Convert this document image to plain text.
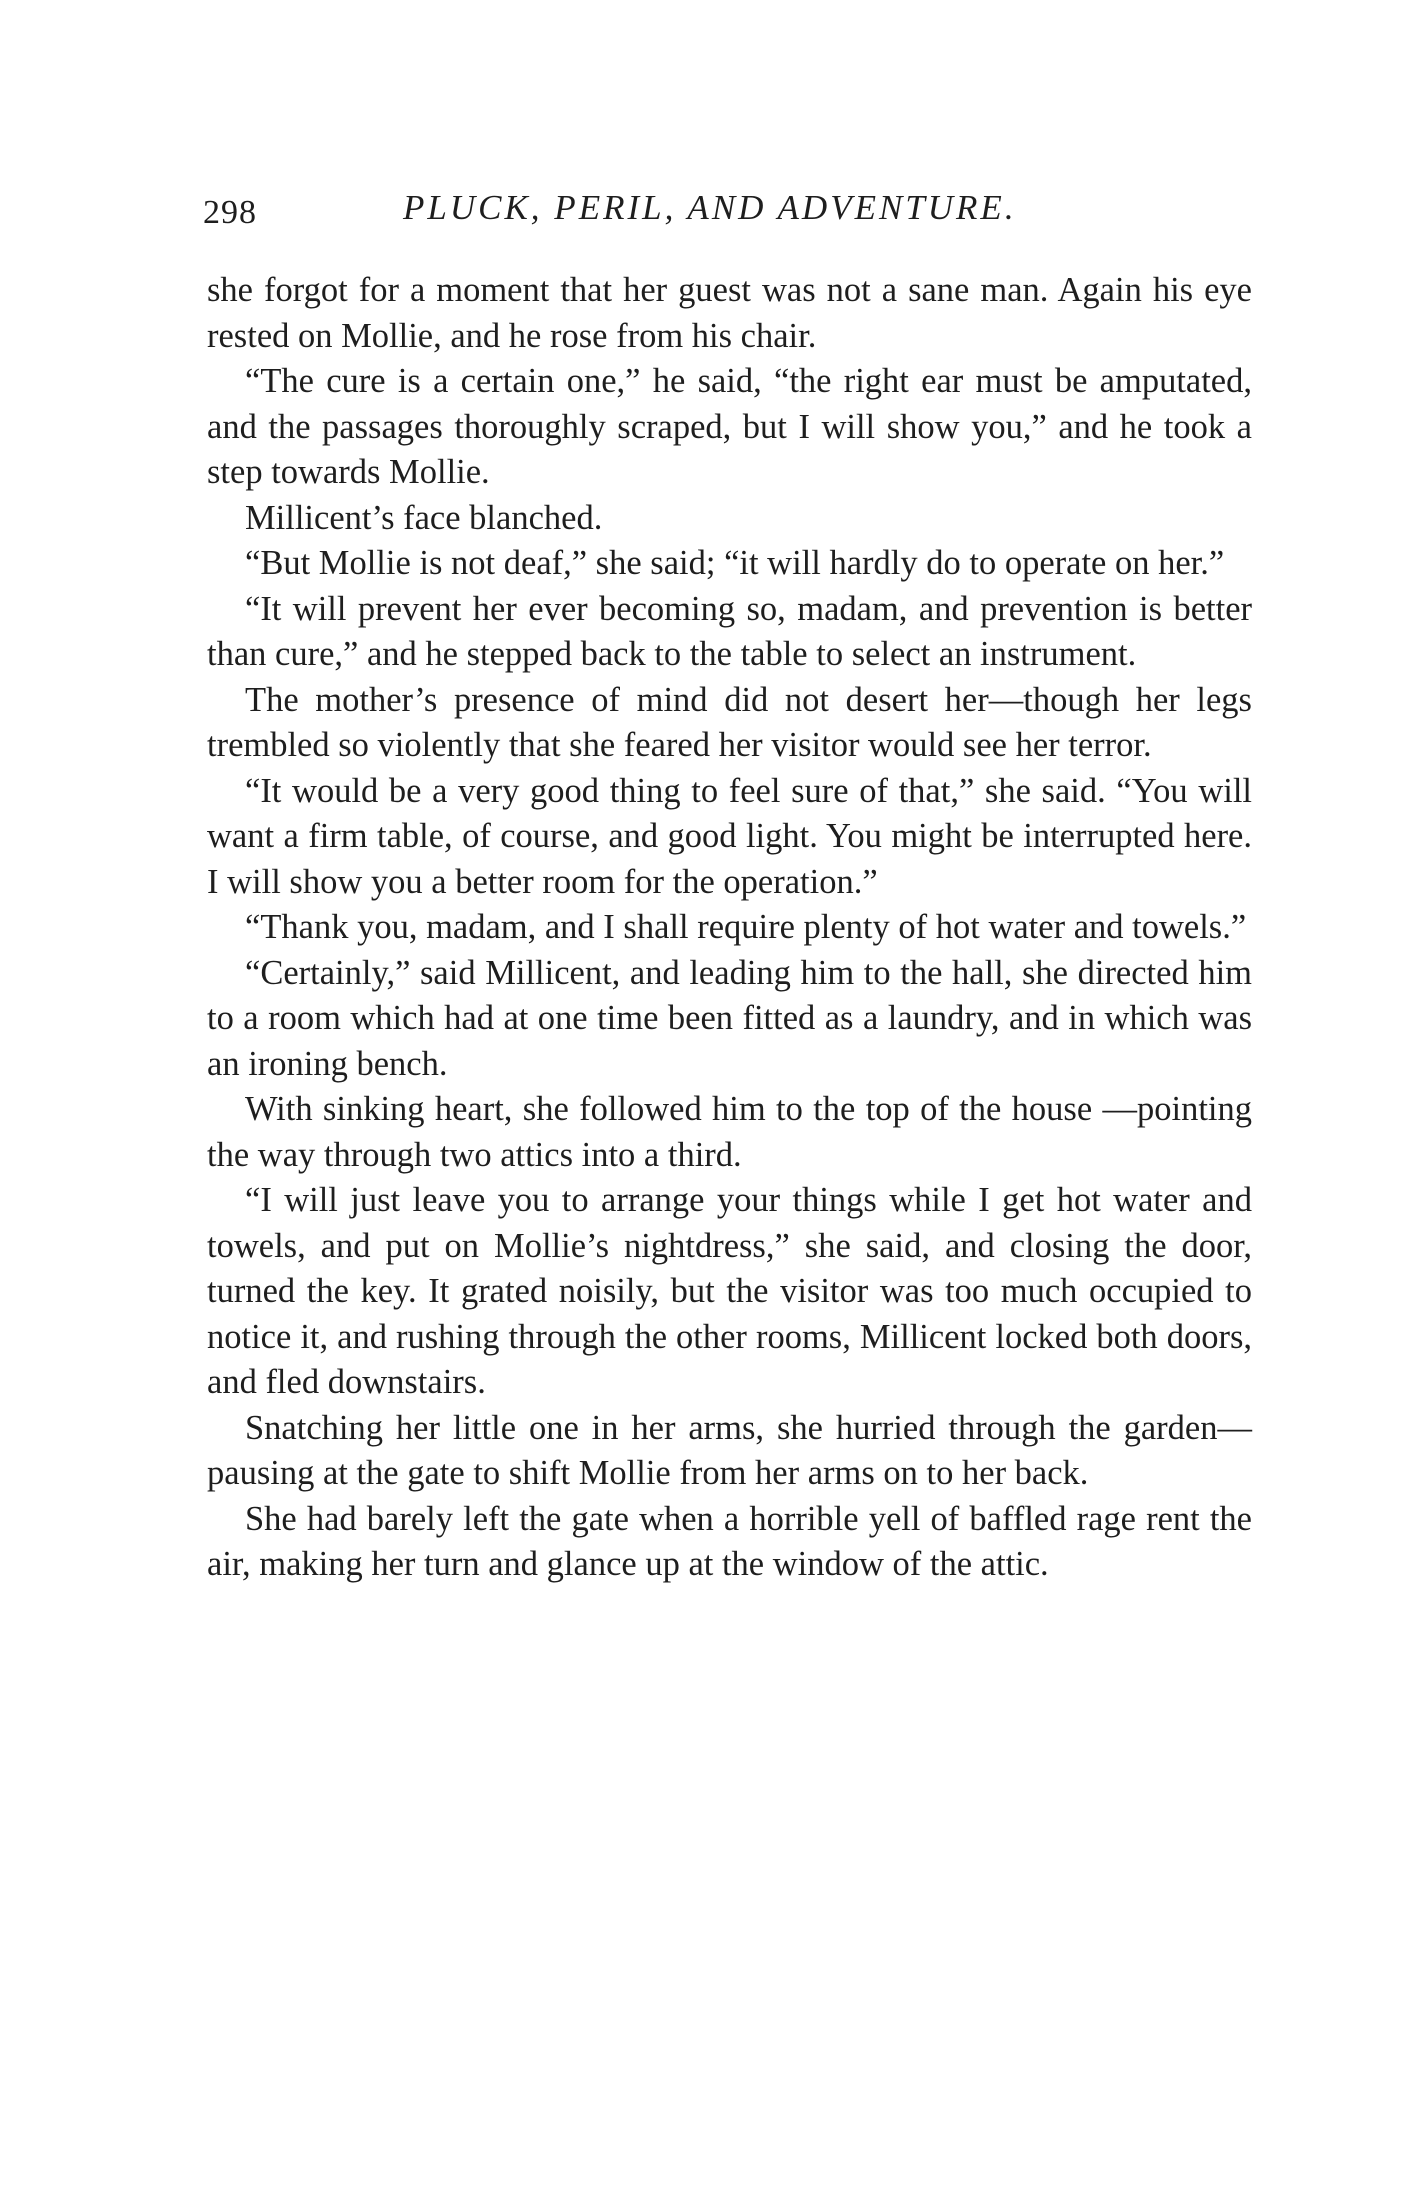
298	PLUCK, PERIL, AND ADVENTURE.

she forgot for a moment that her guest was not a sane man. Again his eye rested on Mollie, and he rose from his chair.

“The cure is a certain one,” he said, “the right ear must be amputated, and the passages thoroughly scraped, but I will show you,” and he took a step towards Mollie.

Millicent’s face blanched.

“But Mollie is not deaf,” she said; “it will hardly do to operate on her.”

“It will prevent her ever becoming so, madam, and prevention is better than cure,” and he stepped back to the table to select an instrument.

The mother’s presence of mind did not desert her—though her legs trembled so violently that she feared her visitor would see her terror.

“It would be a very good thing to feel sure of that,” she said. “You will want a firm table, of course, and good light. You might be interrupted here. I will show you a better room for the operation.”

“Thank you, madam, and I shall require plenty of hot water and towels.”

“Certainly,” said Millicent, and leading him to the hall, she directed him to a room which had at one time been fitted as a laundry, and in which was an ironing bench.

With sinking heart, she followed him to the top of the house —pointing the way through two attics into a third.

“I will just leave you to arrange your things while I get hot water and towels, and put on Mollie’s nightdress,” she said, and closing the door, turned the key. It grated noisily, but the visitor was too much occupied to notice it, and rushing through the other rooms, Millicent locked both doors, and fled downstairs.

Snatching her little one in her arms, she hurried through the garden—pausing at the gate to shift Mollie from her arms on to her back.

She had barely left the gate when a horrible yell of baffled rage rent the air, making her turn and glance up at the window of the attic.
